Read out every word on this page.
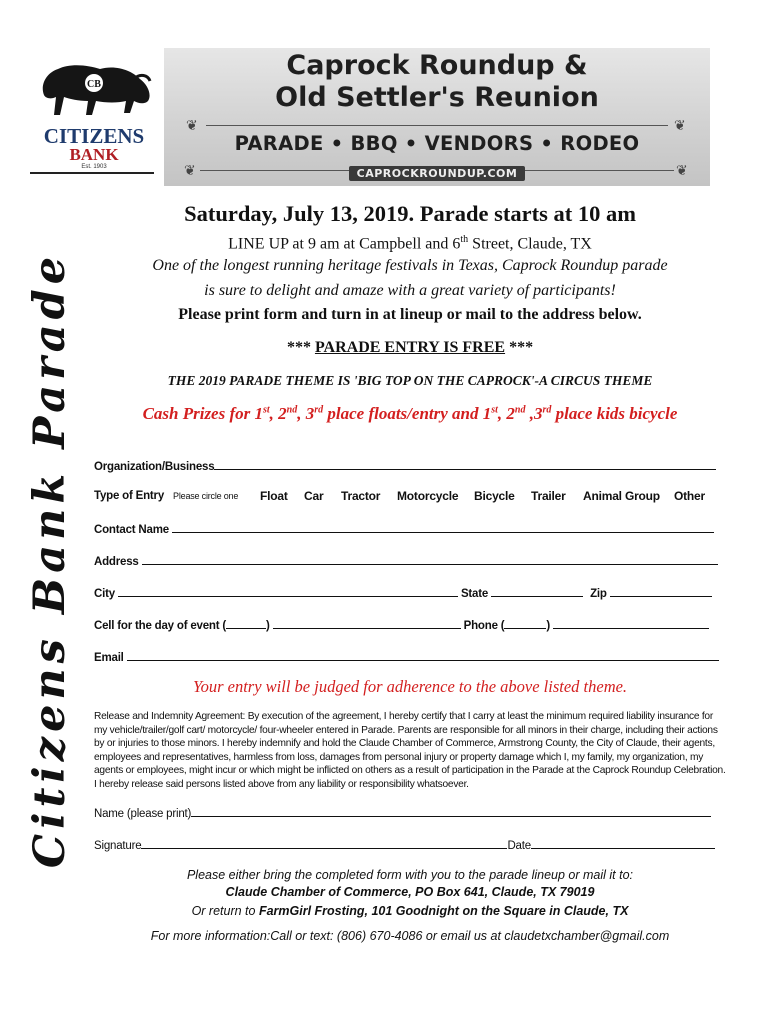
CB
CITIZENS
BANK
Est. 1903
Caprock Roundup &
Old Settler's Reunion
❦	❦
PARADE • BBQ • VENDORS • RODEO
❦	❦
CAPROCKROUNDUP.COM
Citizens Bank Parade
Saturday, July 13, 2019. Parade starts at 10 am
LINE UP at 9 am at Campbell and 6th Street, Claude, TX
One of the longest running heritage festivals in Texas, Caprock Roundup parade
is sure to delight and amaze with a great variety of participants!
Please print form and turn in at lineup or mail to the address below.
*** PARADE ENTRY IS FREE ***
THE 2019 PARADE THEME IS 'BIG TOP ON THE CAPROCK'-A CIRCUS THEME
Cash Prizes for 1st, 2nd, 3rd place floats/entry and 1st, 2nd ,3rd place kids bicycle
Organization/Business
Type of Entry Please circle one Float Car Tractor Motorcycle Bicycle Trailer Animal Group Other
Contact Name
Address
City	State	Zip
Cell for the day of event (	)	Phone (	)
Email
Your entry will be judged for adherence to the above listed theme.
Release and Indemnity Agreement: By execution of the agreement, I hereby certify that I carry at least the minimum required liability insurance for my vehicle/trailer/golf cart/ motorcycle/ four-wheeler entered in Parade. Parents are responsible for all minors in their charge, including their actions by or injuries to those minors. I hereby indemnify and hold the Claude Chamber of Commerce, Armstrong County, the City of Claude, their agents, employees and representatives, harmless from loss, damages from personal injury or property damage which I, my family, my organization, my agents or employees, might incur or which might be inflicted on others as a result of participation in the Parade at the Caprock Roundup Celebration. I hereby release said persons listed above from any liability or responsibility whatsoever.
Name (please print)
Signature	Date
Please either bring the completed form with you to the parade lineup or mail it to:
Claude Chamber of Commerce, PO Box 641, Claude, TX 79019
Or return to FarmGirl Frosting, 101 Goodnight on the Square in Claude, TX
For more information:Call or text: (806) 670-4086 or email us at claudetxchamber@gmail.com
